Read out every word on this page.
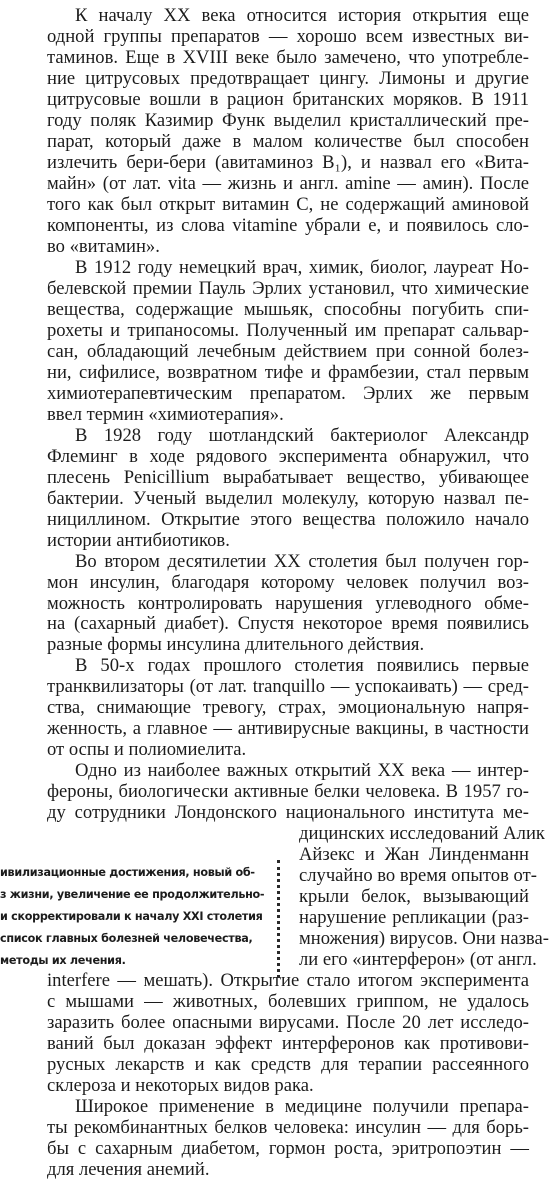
К началу XX века относится история открытия еще
одной группы препаратов — хорошо всем известных ви-
таминов. Еще в XVIII веке было замечено, что употребле-
ние цитрусовых предотвращает цингу. Лимоны и другие
цитрусовые вошли в рацион британских моряков. В 1911
году поляк Казимир Функ выделил кристаллический пре-
парат, который даже в малом количестве был способен
излечить бери-бери (авитаминоз B₁), и назвал его «Вита-
майн» (от лат. vita — жизнь и англ. amine — амин). После
того как был открыт витамин C, не содержащий аминовой
компоненты, из слова vitamine убрали е, и появилось сло-
во «витамин».
В 1912 году немецкий врач, химик, биолог, лауреат Но-
белевской премии Пауль Эрлих установил, что химические
вещества, содержащие мышьяк, способны погубить спи-
рохеты и трипаносомы. Полученный им препарат сальвар-
сан, обладающий лечебным действием при сонной болез-
ни, сифилисе, возвратном тифе и фрамбезии, стал первым
химиотерапевтическим препаратом. Эрлих же первым
ввел термин «химиотерапия».
В 1928 году шотландский бактериолог Александр
Флеминг в ходе рядового эксперимента обнаружил, что
плесень Penicillium вырабатывает вещество, убивающее
бактерии. Ученый выделил молекулу, которую назвал пе-
нициллином. Открытие этого вещества положило начало
истории антибиотиков.
Во втором десятилетии XX столетия был получен гор-
мон инсулин, благодаря которому человек получил воз-
можность контролировать нарушения углеводного обме-
на (сахарный диабет). Спустя некоторое время появились
разные формы инсулина длительного действия.
В 50-х годах прошлого столетия появились первые
транквилизаторы (от лат. tranquillo — успокаивать) — сред-
ства, снимающие тревогу, страх, эмоциональную напря-
женность, а главное — антивирусные вакцины, в частности
от оспы и полиомиелита.
Одно из наиболее важных открытий XX века — интер-
фероны, биологически активные белки человека. В 1957 го-
ду сотрудники Лондонского национального института ме-
дицинских исследований Алик
Айзекс и Жан Линденманн
случайно во время опытов от-
крыли белок, вызывающий
нарушение репликации (раз-
множения) вирусов. Они назва-
ли его «интерферон» (от англ.
interfere — мешать). Открытие стало итогом эксперимента
с мышами — животных, болевших гриппом, не удалось
заразить более опасными вирусами. После 20 лет исследо-
ваний был доказан эффект интерферонов как противови-
русных лекарств и как средств для терапии рассеянного
склероза и некоторых видов рака.
Широкое применение в медицине получили препара-
ты рекомбинантных белков человека: инсулин — для борь-
бы с сахарным диабетом, гормон роста, эритропоэтин —
для лечения анемий.
ивилизационные достижения, новый об-
з жизни, увеличение ее продолжительно-
и скорректировали к началу XXI столетия
список главных болезней человечества,
методы их лечения.
